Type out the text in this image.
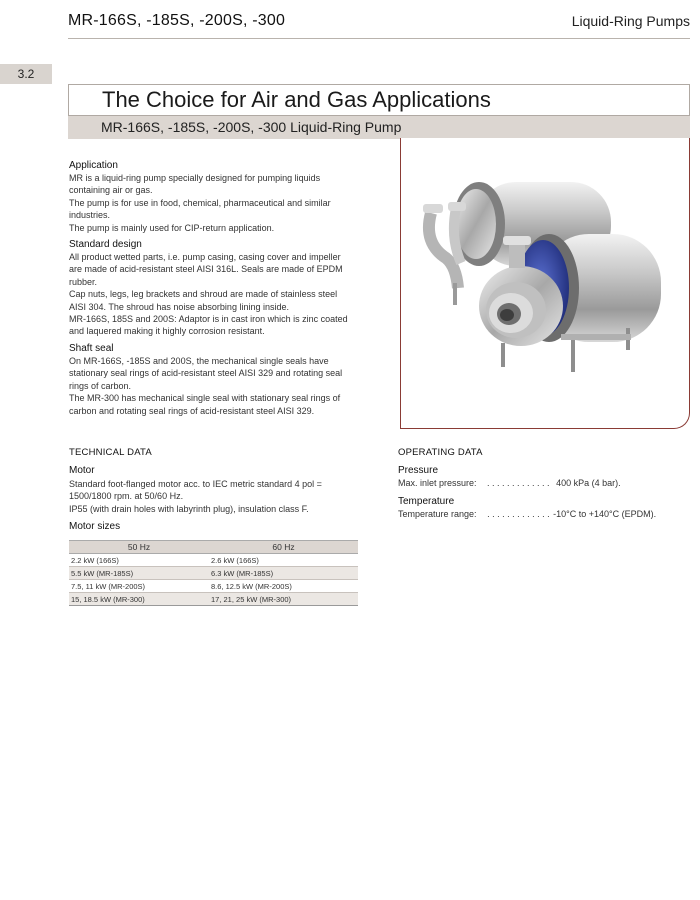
MR-166S, -185S, -200S, -300	Liquid-Ring Pumps
3.2
The Choice for Air and Gas Applications
MR-166S, -185S, -200S, -300 Liquid-Ring Pump
Application

MR is a liquid-ring pump specially designed for pumping liquids

containing air or gas.

The pump is for use in food, chemical, pharmaceutical and similar

industries.

The pump is mainly used for CIP-return application.

Standard design

All product wetted parts, i.e. pump casing, casing cover and impeller

are made of acid-resistant steel AISI 316L. Seals are made of EPDM

rubber.

Cap nuts, legs, leg brackets and shroud are made of stainless steel

AISI 304. The shroud has noise absorbing lining inside.

MR-166S, 185S and 200S: Adaptor is in cast iron which is zinc coated

and laquered making it highly corrosion resistant.

Shaft seal

On MR-166S, -185S and 200S, the mechanical single seals have

stationary seal rings of acid-resistant steel AISI 329 and rotating seal

rings of carbon.

The MR-300 has mechanical single seal with stationary seal rings of

carbon and rotating seal rings of acid-resistant steel AISI 329.

TECHNICAL DATA
Motor
Standard foot-flanged motor acc. to IEC metric standard 4 pol =
1500/1800 rpm. at 50/60 Hz.
IP55 (with drain holes with labyrinth plug), insulation class F.
Motor sizes
50 Hz	60 Hz
2.2 kW (166S)	2.6 kW (166S)
5.5 kW (MR-185S)	6.3 kW (MR-185S)
7.5, 11 kW (MR-200S)	8.6, 12.5 kW (MR-200S)
15, 18.5 kW (MR-300)	17, 21, 25 kW (MR-300)
OPERATING DATA
Pressure
Max. inlet pressure: . . . . . . . . . . . . . 400 kPa (4 bar).
Temperature
Temperature range: . . . . . . . . . . . . . -10°C to +140°C (EPDM).
